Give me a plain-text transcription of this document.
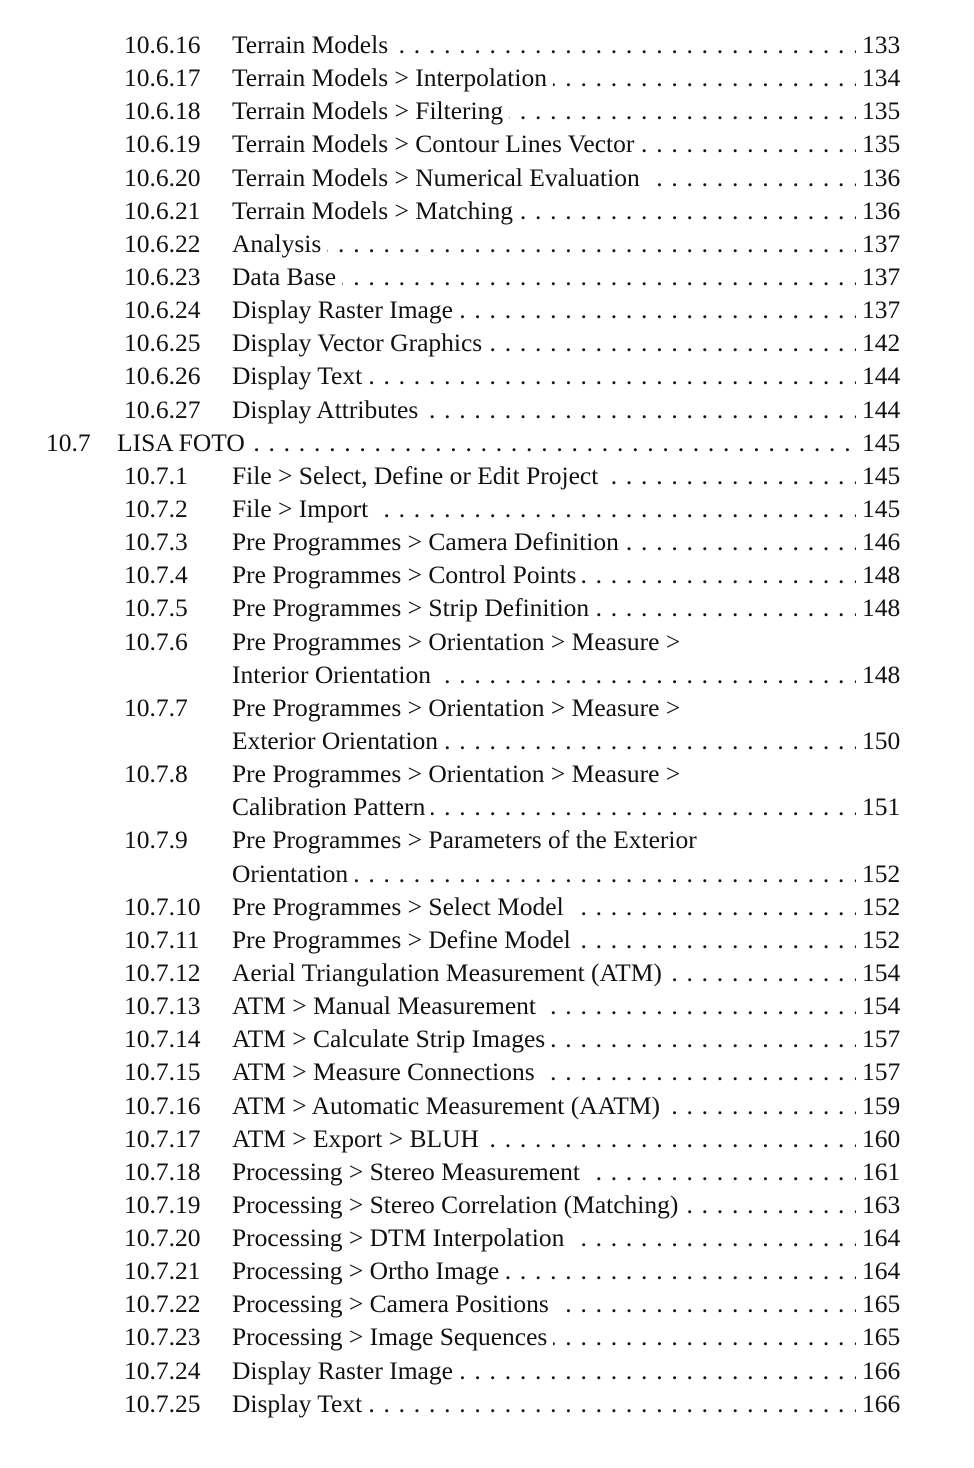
10.6.16 Terrain Models . . .	133
10.6.17 Terrain Models > Interpolation . . .	134
10.6.18 Terrain Models > Filtering . . .	135
10.6.19 Terrain Models > Contour Lines Vector . . .	135
10.6.20 Terrain Models > Numerical Evaluation . . .	136
10.6.21 Terrain Models > Matching . . .	136
10.6.22 Analysis . . .	137
10.6.23 Data Base . . .	137
10.6.24 Display Raster Image . . .	137
10.6.25 Display Vector Graphics . . .	142
10.6.26 Display Text . . .	144
10.6.27 Display Attributes . . .	144
10.7 LISA FOTO . . .	145
10.7.1 File > Select, Define or Edit Project . . .	145
10.7.2 File > Import . . .	145
10.7.3 Pre Programmes > Camera Definition . . .	146
10.7.4 Pre Programmes > Control Points . . .	148
10.7.5 Pre Programmes > Strip Definition . . .	148
10.7.6 Pre Programmes > Orientation > Measure >
Interior Orientation . . .	148
10.7.7 Pre Programmes > Orientation > Measure >
Exterior Orientation . . .	150
10.7.8 Pre Programmes > Orientation > Measure >
Calibration Pattern . . .	151
10.7.9 Pre Programmes > Parameters of the Exterior
Orientation . . .	152
10.7.10 Pre Programmes > Select Model . . .	152
10.7.11 Pre Programmes > Define Model . . .	152
10.7.12 Aerial Triangulation Measurement (ATM) . . .	154
10.7.13 ATM > Manual Measurement . . .	154
10.7.14 ATM > Calculate Strip Images . . .	157
10.7.15 ATM > Measure Connections . . .	157
10.7.16 ATM > Automatic Measurement (AATM) . . .	159
10.7.17 ATM > Export > BLUH . . .	160
10.7.18 Processing > Stereo Measurement . . .	161
10.7.19 Processing > Stereo Correlation (Matching) . . .	163
10.7.20 Processing > DTM Interpolation . . .	164
10.7.21 Processing > Ortho Image . . .	164
10.7.22 Processing > Camera Positions . . .	165
10.7.23 Processing > Image Sequences . . .	165
10.7.24 Display Raster Image . . .	166
10.7.25 Display Text . . .	166
